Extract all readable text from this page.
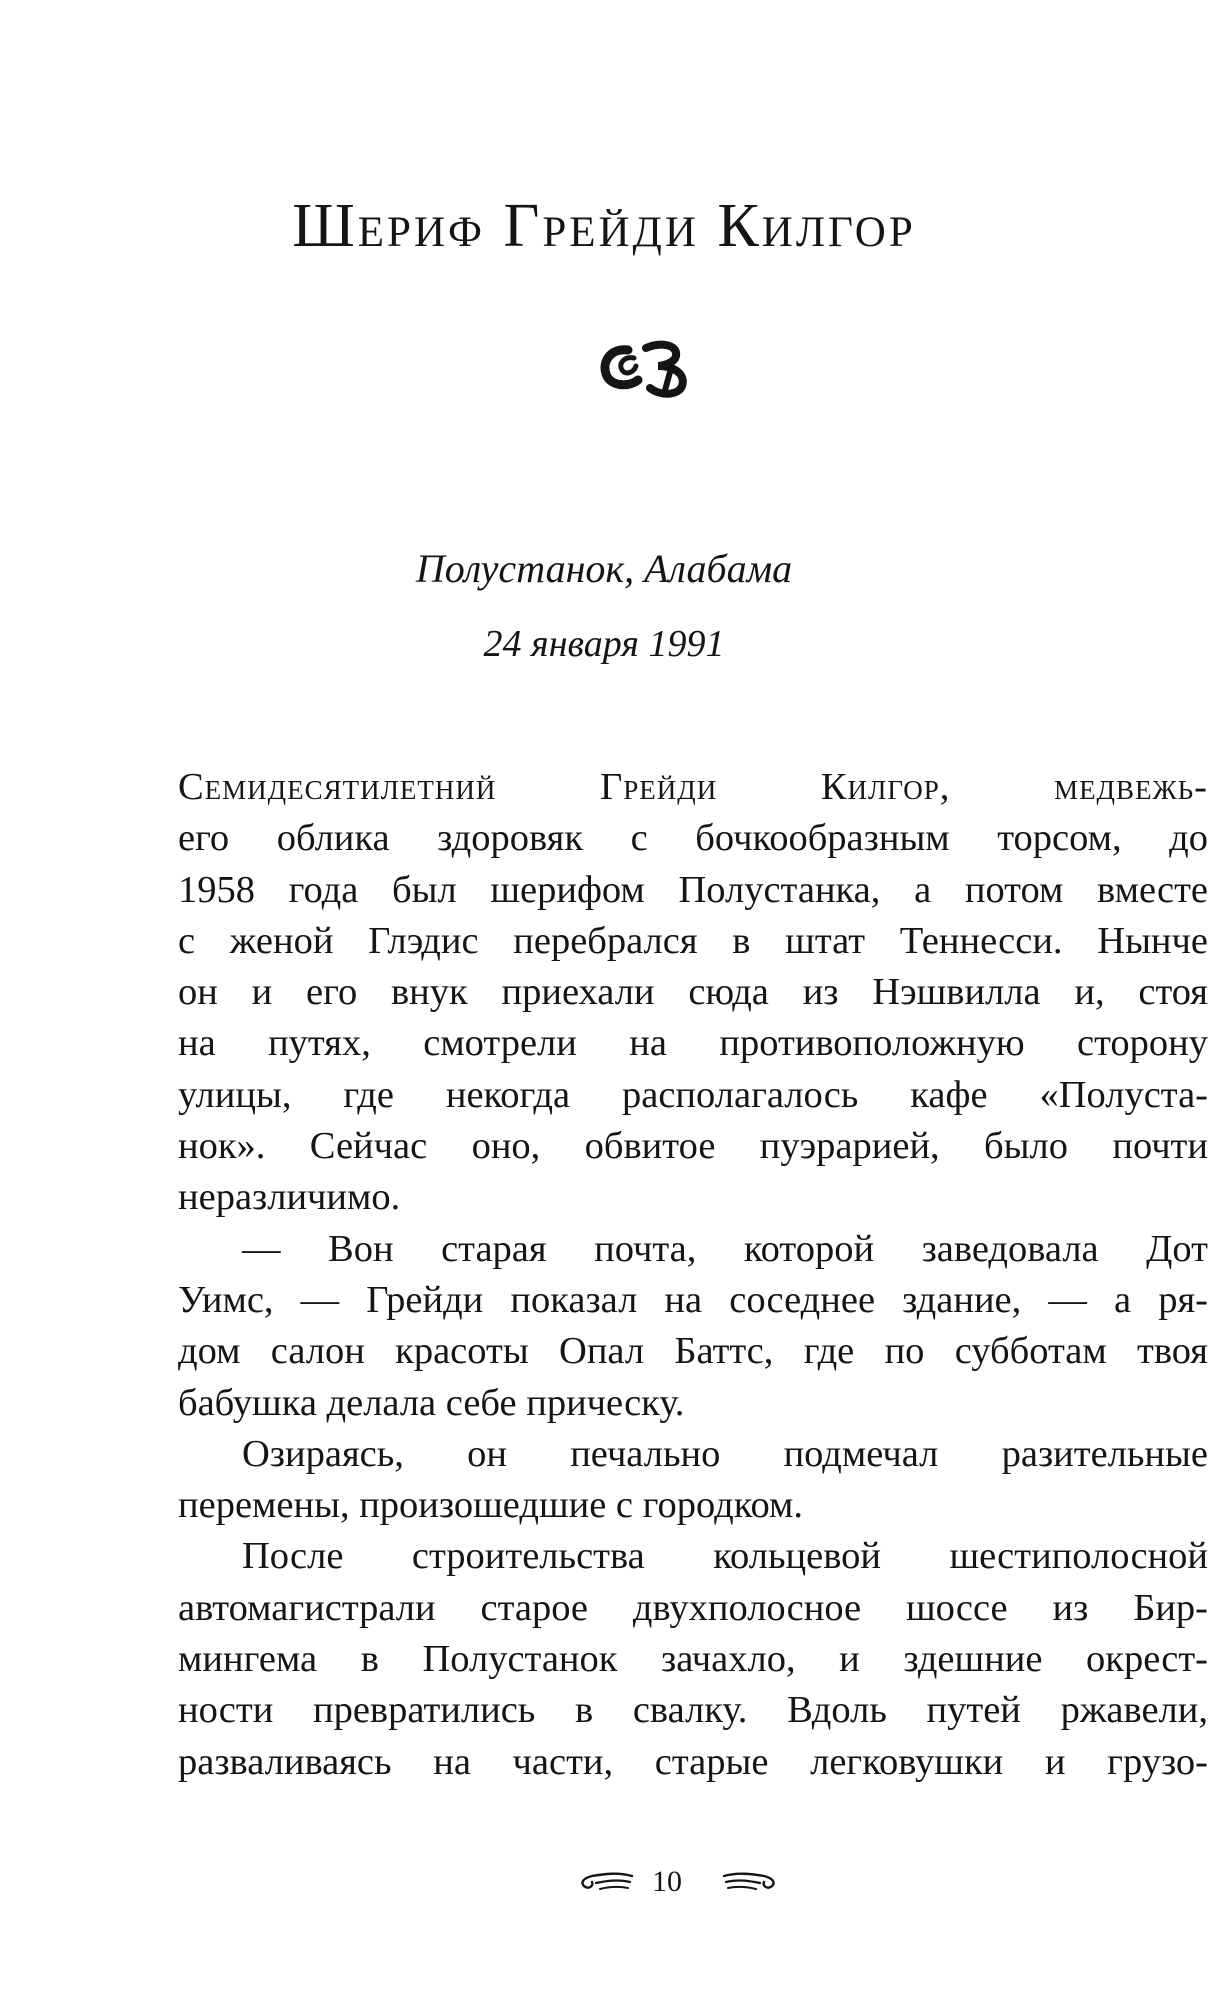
Шериф Грейди Килгор
Полустанок, Алабама
24 января 1991
Семидесятилетний Грейди Килгор, медвежь-
его облика здоровяк с бочкообразным торсом, до
1958 года был шерифом Полустанка, а потом вместе
с женой Глэдис перебрался в штат Теннесси. Нынче
он и его внук приехали сюда из Нэшвилла и, стоя
на путях, смотрели на противоположную сторону
улицы, где некогда располагалось кафе «Полуста-
нок». Сейчас оно, обвитое пуэрарией, было почти
неразличимо.
— Вон старая почта, которой заведовала Дот
Уимс, — Грейди показал на соседнее здание, — а ря-
дом салон красоты Опал Баттс, где по субботам твоя
бабушка делала себе прическу.
Озираясь, он печально подмечал разительные
перемены, произошедшие с городком.
После строительства кольцевой шестиполосной
автомагистрали старое двухполосное шоссе из Бир-
мингема в Полустанок зачахло, и здешние окрест-
ности превратились в свалку. Вдоль путей ржавели,
разваливаясь на части, старые легковушки и грузо-
10
